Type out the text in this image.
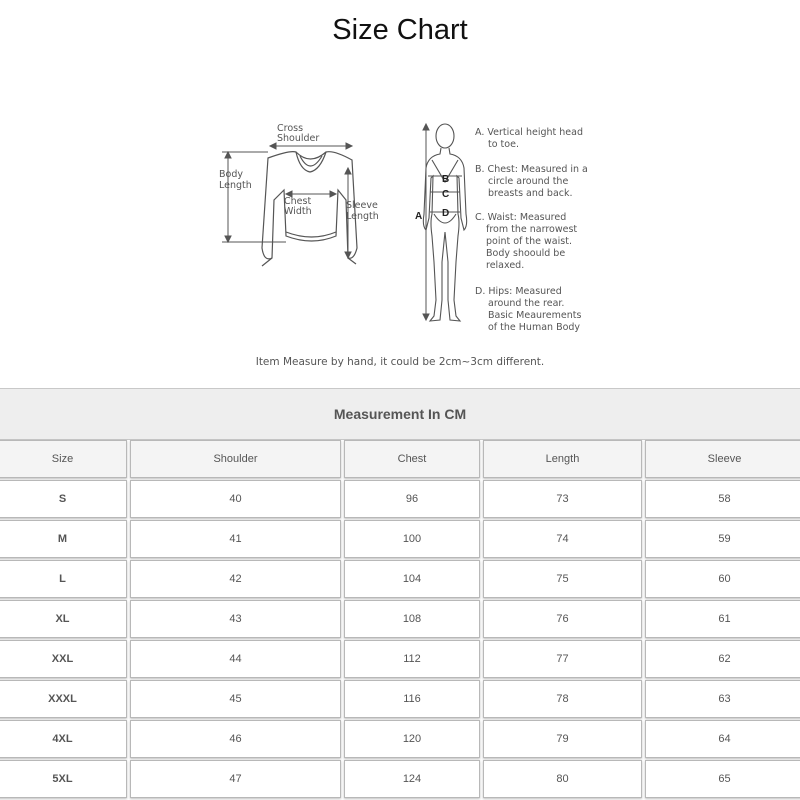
Size Chart
Cross
Shoulder
Body
Length
Chest
Width
Sleeve
Length	A
B
C
D
A. Vertical height head
to toe.
B. Chest: Measured in a
circle around the
breasts and back.
C. Waist: Measured
from the narrowest
point of the waist.
Body shoould be
relaxed.
D. Hips: Measured
around the rear.
Basic Meaurements
of the Human Body
Item Measure by hand, it could be 2cm~3cm different.
Measurement In CM
Size	Shoulder	Chest	Length	Sleeve
S	40	96	73	58
M	41	100	74	59
L	42	104	75	60
XL	43	108	76	61
XXL	44	112	77	62
XXXL	45	116	78	63
4XL	46	120	79	64
5XL	47	124	80	65
